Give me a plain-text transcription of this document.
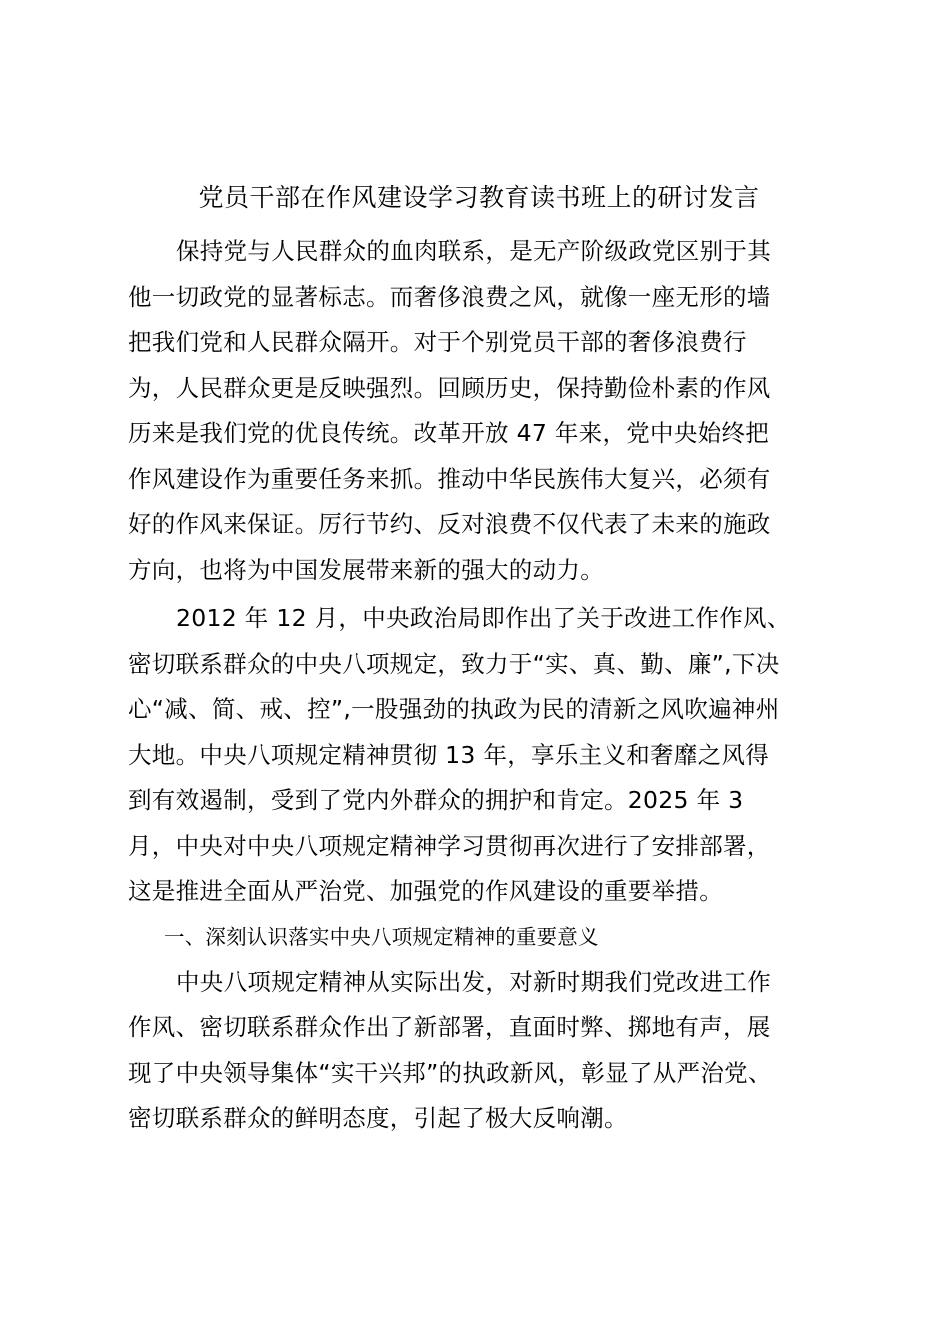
党员干部在作风建设学习教育读书班上的研讨发言
保持党与人民群众的血肉联系，是无产阶级政党区别于其
他一切政党的显著标志。而奢侈浪费之风，就像一座无形的墙
把我们党和人民群众隔开。对于个别党员干部的奢侈浪费行
为，人民群众更是反映强烈。回顾历史，保持勤俭朴素的作风
历来是我们党的优良传统。改革开放 47 年来，党中央始终把
作风建设作为重要任务来抓。推动中华民族伟大复兴，必须有
好的作风来保证。厉行节约、反对浪费不仅代表了未来的施政
方向，也将为中国发展带来新的强大的动力。
2012 年 12 月，中央政治局即作出了关于改进工作作风、
密切联系群众的中央八项规定，致力于“实、真、勤、廉”,下决
心“减、简、戒、控”,一股强劲的执政为民的清新之风吹遍神州
大地。中央八项规定精神贯彻 13 年，享乐主义和奢靡之风得
到有效遏制，受到了党内外群众的拥护和肯定。2025 年 3
月，中央对中央八项规定精神学习贯彻再次进行了安排部署，
这是推进全面从严治党、加强党的作风建设的重要举措。
一、深刻认识落实中央八项规定精神的重要意义
中央八项规定精神从实际出发，对新时期我们党改进工作
作风、密切联系群众作出了新部署，直面时弊、掷地有声，展
现了中央领导集体“实干兴邦”的执政新风，彰显了从严治党、
密切联系群众的鲜明态度，引起了极大反响潮。
